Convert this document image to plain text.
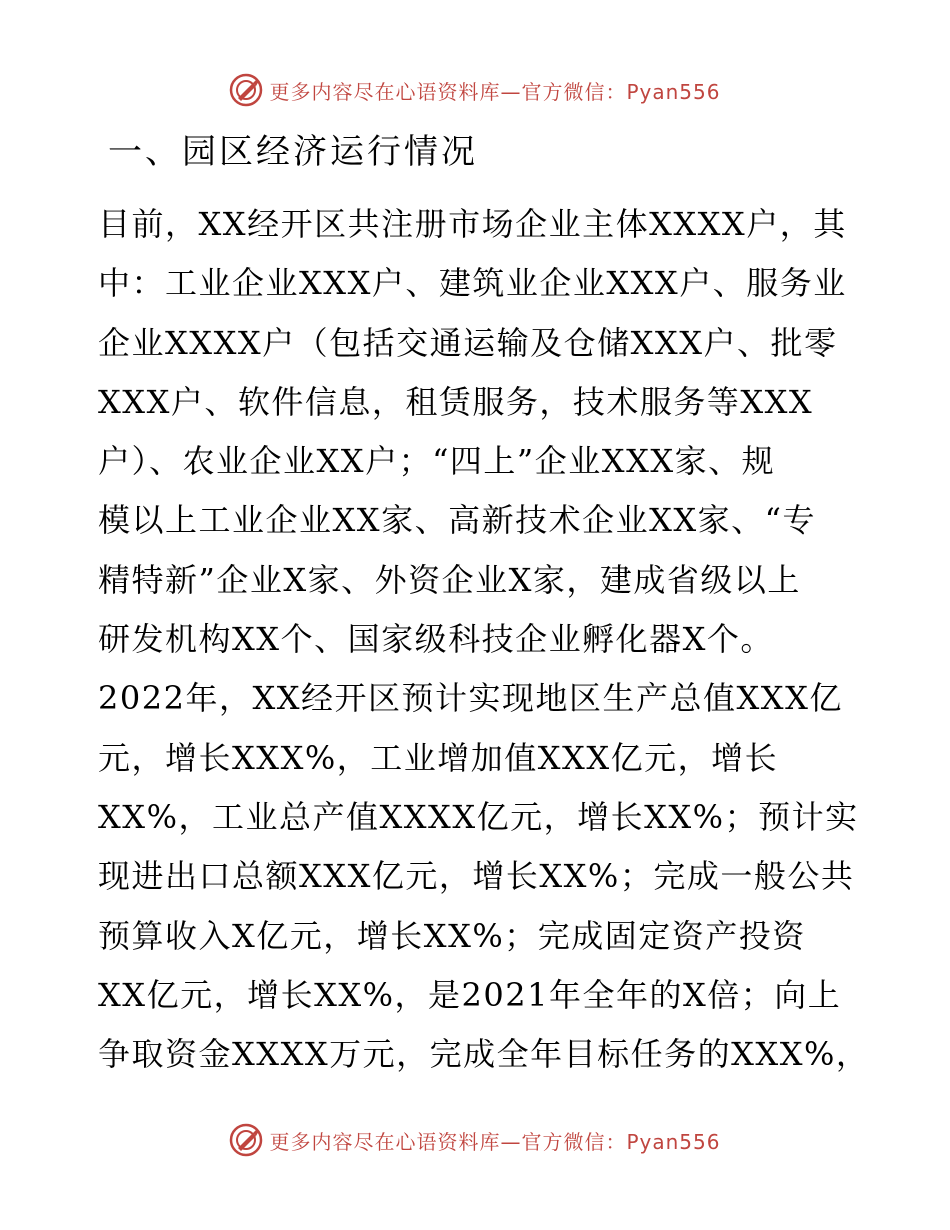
更多内容尽在心语资料库—官方微信：Pyan556
一、园区经济运行情况
目前，XX经开区共注册市场企业主体XXXX户，其
中：工业企业XXX户、建筑业企业XXX户、服务业
企业XXXX户（包括交通运输及仓储XXX户、批零
XXX户、软件信息，租赁服务，技术服务等XXX
户）、农业企业XX户；“四上”企业XXX家、规
模以上工业企业XX家、高新技术企业XX家、“专
精特新”企业X家、外资企业X家，建成省级以上
研发机构XX个、国家级科技企业孵化器X个。
2022年，XX经开区预计实现地区生产总值XXX亿
元，增长XXX%，工业增加值XXX亿元，增长
XX%，工业总产值XXXX亿元，增长XX%；预计实
现进出口总额XXX亿元，增长XX%；完成一般公共
预算收入X亿元，增长XX%；完成固定资产投资
XX亿元，增长XX%，是2021年全年的X倍；向上
争取资金XXXX万元，完成全年目标任务的XXX%，
更多内容尽在心语资料库—官方微信：Pyan556
